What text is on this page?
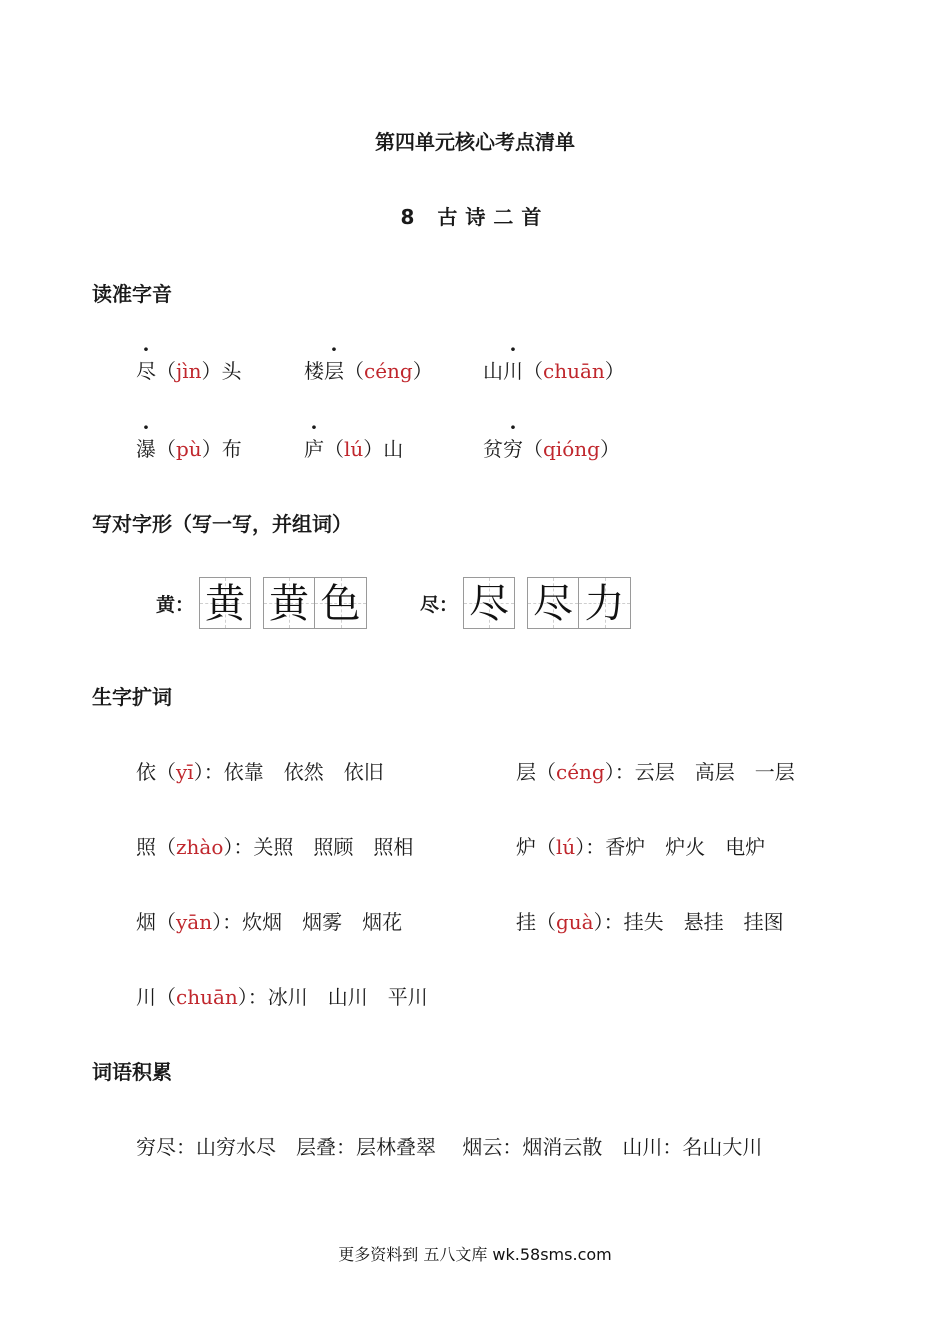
第四单元核心考点清单
8 古诗二首
读准字音
尽（jìn）头	楼层（céng）	山川（chuān）
瀑（pù）布	庐（lú）山	贫穷（qióng）
写对字形（写一写，并组词）
黄： 黄 黄 色	尽： 尽 尽 力
生字扩词
依（yī）：依靠　依然　依旧	层（céng）：云层　高层　一层
照（zhào）：关照　照顾　照相	炉（lú）：香炉　炉火　电炉
烟（yān）：炊烟　烟雾　烟花	挂（guà）：挂失　悬挂　挂图
川（chuān）：冰川　山川　平川
词语积累
穷尽：山穷水尽　层叠：层林叠翠　 烟云：烟消云散　山川：名山大川
更多资料到 五八文库 wk.58sms.com
